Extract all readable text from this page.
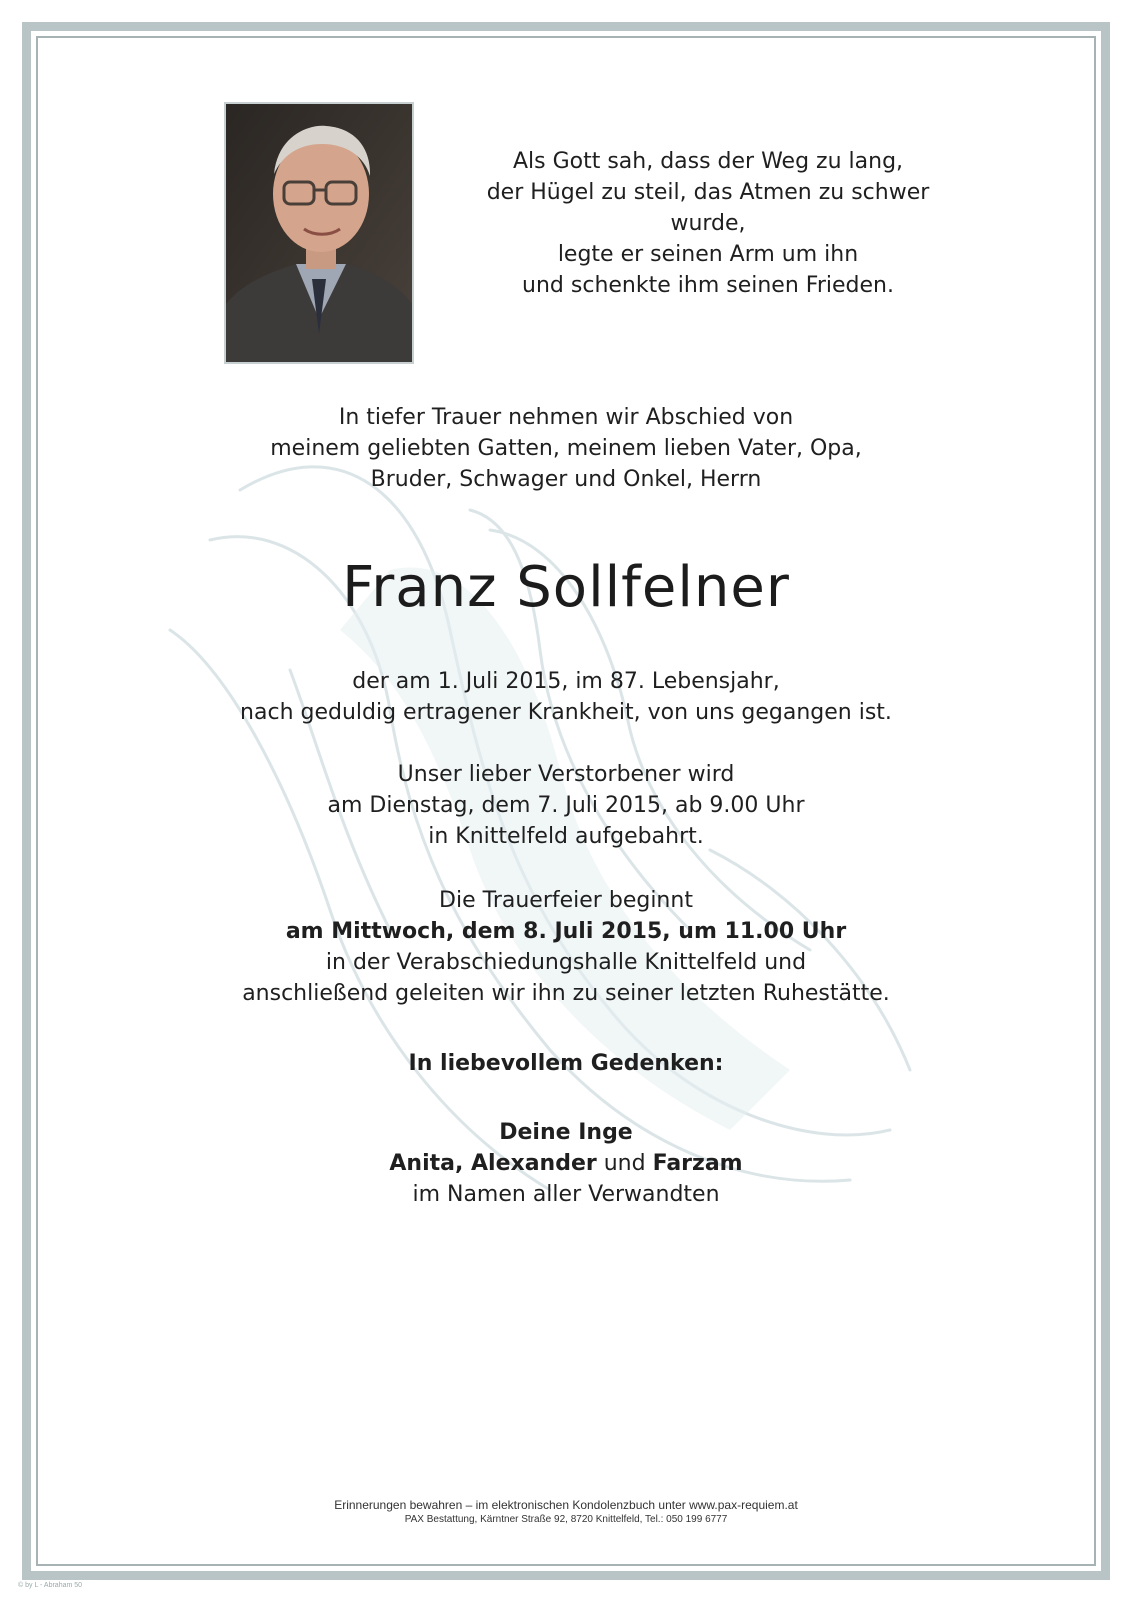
Als Gott sah, dass der Weg zu lang,
der Hügel zu steil, das Atmen zu schwer wurde,
legte er seinen Arm um ihn
und schenkte ihm seinen Frieden.
In tiefer Trauer nehmen wir Abschied von
meinem geliebten Gatten, meinem lieben Vater, Opa,
Bruder, Schwager und Onkel, Herrn
Franz Sollfelner
der am 1. Juli 2015, im 87. Lebensjahr,
nach geduldig ertragener Krankheit, von uns gegangen ist.
Unser lieber Verstorbener wird
am Dienstag, dem 7. Juli 2015, ab 9.00 Uhr
in Knittelfeld aufgebahrt.
Die Trauerfeier beginnt
am Mittwoch, dem 8. Juli 2015, um 11.00 Uhr
in der Verabschiedungshalle Knittelfeld und
anschließend geleiten wir ihn zu seiner letzten Ruhestätte.
In liebevollem Gedenken:
Deine Inge
Anita, Alexander und Farzam
im Namen aller Verwandten
Erinnerungen bewahren – im elektronischen Kondolenzbuch unter www.pax-requiem.at
PAX Bestattung, Kärntner Straße 92, 8720 Knittelfeld, Tel.: 050 199 6777
© by L - Abraham 50
